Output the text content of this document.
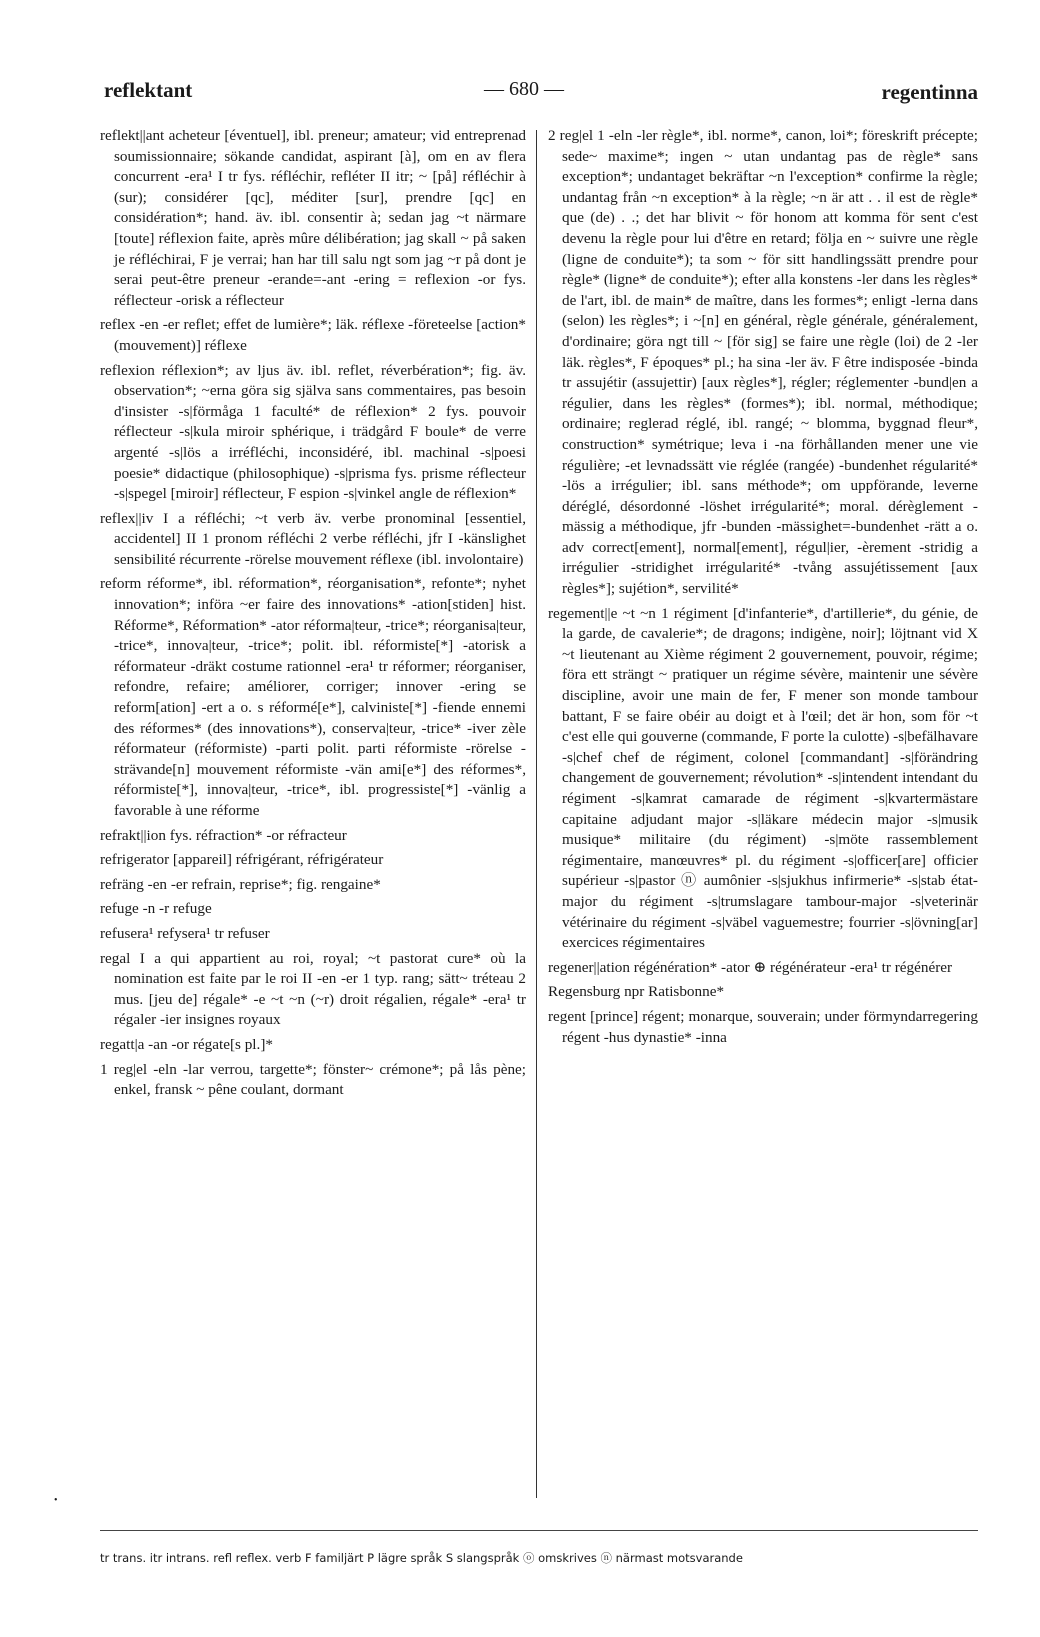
reflektant	— 680 —	regentinna

reflekt||ant acheteur [éventuel], ibl. preneur; amateur; vid entreprenad soumissionnaire; sökande candidat, aspirant [à], om en av flera concurrent -era¹ I tr fys. réfléchir, refléter II itr; ~ [på] réfléchir à (sur); considérer [qc], méditer [sur], prendre [qc] en considération*; hand. äv. ibl. consentir à; sedan jag ~t närmare [toute] réflexion faite, après mûre délibération; jag skall ~ på saken je réfléchirai, F je verrai; han har till salu ngt som jag ~r på dont je serai peut-être preneur -erande=-ant -ering = reflexion -or fys. réflecteur -orisk a réflecteur

reflex -en -er reflet; effet de lumière*; läk. réflexe -företeelse [action* (mouvement)] réflexe

reflexion réflexion*; av ljus äv. ibl. reflet, réverbération*; fig. äv. observation*; ~erna göra sig själva sans commentaires, pas besoin d'insister -s|förmåga 1 faculté* de réflexion* 2 fys. pouvoir réflecteur -s|kula miroir sphérique, i trädgård F boule* de verre argenté -s|lös a irréfléchi, inconsidéré, ibl. machinal -s|poesi poesie* didactique (philosophique) -s|prisma fys. prisme réflecteur -s|spegel [miroir] réflecteur, F espion -s|vinkel angle de réflexion*

reflex||iv I a réfléchi; ~t verb äv. verbe pronominal [essentiel, accidentel] II 1 pronom réfléchi 2 verbe réfléchi, jfr I -känslighet sensibilité récurrente -rörelse mouvement réflexe (ibl. involontaire)

reform réforme*, ibl. réformation*, réorganisation*, refonte*; nyhet innovation*; införa ~er faire des innovations* -ation[stiden] hist. Réforme*, Réformation* -ator réforma|teur, -trice*; réorganisa|teur, -trice*, innova|teur, -trice*; polit. ibl. réformiste[*] -atorisk a réformateur -dräkt costume rationnel -era¹ tr réformer; réorganiser, refondre, refaire; améliorer, corriger; innover -ering se reform[ation] -ert a o. s réformé[e*], calviniste[*] -fiende ennemi des réformes* (des innovations*), conserva|teur, -trice* -iver zèle réformateur (réformiste) -parti polit. parti réformiste -rörelse -strävande[n] mouvement réformiste -vän ami[e*] des réformes*, réformiste[*], innova|teur, -trice*, ibl. progressiste[*] -vänlig a favorable à une réforme

refrakt||ion fys. réfraction* -or réfracteur

refrigerator [appareil] réfrigérant, réfrigérateur

refräng -en -er refrain, reprise*; fig. rengaine*

refuge -n -r refuge

refusera¹ refysera¹ tr refuser

regal I a qui appartient au roi, royal; ~t pastorat cure* où la nomination est faite par le roi II -en -er 1 typ. rang; sätt~ tréteau 2 mus. [jeu de] régale* -e ~t ~n (~r) droit régalien, régale* -era¹ tr régaler -ier insignes royaux

regatt|a -an -or régate[s pl.]*

1 reg|el -eln -lar verrou, targette*; fönster~ crémone*; på lås pène; enkel, fransk ~ pêne coulant, dormant

2 reg|el 1 -eln -ler règle*, ibl. norme*, canon, loi*; föreskrift précepte; sede~ maxime*; ingen ~ utan undantag pas de règle* sans exception*; undantaget bekräftar ~n l'exception* confirme la règle; undantag från ~n exception* à la règle; ~n är att . . il est de règle* que (de) . .; det har blivit ~ för honom att komma för sent c'est devenu la règle pour lui d'être en retard; följa en ~ suivre une règle (ligne de conduite*); ta som ~ för sitt handlingssätt prendre pour règle* (ligne* de conduite*); efter alla konstens -ler dans les règles* de l'art, ibl. de main* de maître, dans les formes*; enligt -lerna dans (selon) les règles*; i ~[n] en général, règle générale, généralement, d'ordinaire; göra ngt till ~ [för sig] se faire une règle (loi) de 2 -ler läk. règles*, F époques* pl.; ha sina -ler äv. F être indisposée -binda tr assujétir (assujettir) [aux règles*], régler; réglementer -bund|en a régulier, dans les règles* (formes*); ibl. normal, méthodique; ordinaire; reglerad réglé, ibl. rangé; ~ blomma, byggnad fleur*, construction* symétrique; leva i -na förhållanden mener une vie régulière; -et levnadssätt vie réglée (rangée) -bundenhet régularité* -lös a irrégulier; ibl. sans méthode*; om uppförande, leverne déréglé, désordonné -löshet irrégularité*; moral. dérèglement -mässig a méthodique, jfr -bunden -mässighet=-bundenhet -rätt a o. adv correct[ement], normal[ement], régul|ier, -èrement -stridig a irrégulier -stridighet irrégularité* -tvång assujétissement [aux règles*]; sujétion*, servilité*

regement||e ~t ~n 1 régiment [d'infanterie*, d'artillerie*, du génie, de la garde, de cavalerie*; de dragons; indigène, noir]; löjtnant vid X ~t lieutenant au Xième régiment 2 gouvernement, pouvoir, régime; föra ett strängt ~ pratiquer un régime sévère, maintenir une sévère discipline, avoir une main de fer, F mener son monde tambour battant, F se faire obéir au doigt et à l'œil; det är hon, som för ~t c'est elle qui gouverne (commande, F porte la culotte) -s|befälhavare -s|chef chef de régiment, colonel [commandant] -s|förändring changement de gouvernement; révolution* -s|intendent intendant du régiment -s|kamrat camarade de régiment -s|kvartermästare capitaine adjudant major -s|läkare médecin major -s|musik musique* militaire (du régiment) -s|möte rassemblement régimentaire, manœuvres* pl. du régiment -s|officer[are] officier supérieur -s|pastor ⓝ aumônier -s|sjukhus infirmerie* -s|stab état-major du régiment -s|trumslagare tambour-major -s|veterinär vétérinaire du régiment -s|väbel vaguemestre; fourrier -s|övning[ar] exercices régimentaires

regener||ation régénération* -ator ⊕ régénérateur -era¹ tr régénérer

Regensburg npr Ratisbonne*

regent [prince] régent; monarque, souverain; under förmyndarregering régent -hus dynastie* -inna

•
tr trans. itr intrans. refl reflex. verb F familjärt P lägre språk S slangspråk ⓞ omskrives ⓝ närmast motsvarande
